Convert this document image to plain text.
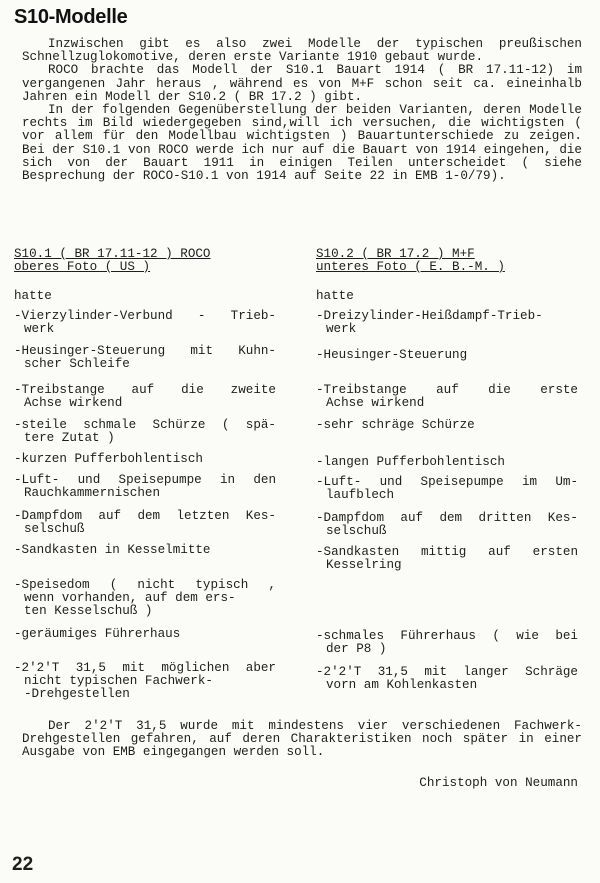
S10-Modelle

Inzwischen gibt es also zwei Modelle der typischen preußischen Schnellzuglokomotive, deren erste Variante 1910 gebaut wurde.

ROCO brachte das Modell der S10.1 Bauart 1914 ( BR 17.11-12) im vergangenen Jahr heraus , während es von M+F schon seit ca. eineinhalb Jahren ein Modell der S10.2 ( BR 17.2 ) gibt.

In der folgenden Gegenüberstellung der beiden Varianten, deren Modelle rechts im Bild wiedergegeben sind,will ich versuchen, die wichtigsten ( vor allem für den Modellbau wichtigsten ) Bauartunterschiede zu zeigen. Bei der S10.1 von ROCO werde ich nur auf die Bauart von 1914 eingehen, die sich von der Bauart 1911 in einigen Teilen unterscheidet ( siehe Besprechung der ROCO-S10.1 von 1914 auf Seite 22 in EMB 1-0/79).

S10.1 ( BR 17.11-12 ) ROCO
oberes Foto ( US )
hatte
-Vierzylinder-Verbund - Trieb-
werk
-Heusinger-Steuerung mit Kuhn-
scher Schleife
-Treibstange auf die zweite
Achse wirkend
-steile schmale Schürze ( spä-
tere Zutat )
-kurzen Pufferbohlentisch
-Luft- und Speisepumpe in den
Rauchkammernischen
-Dampfdom auf dem letzten Kes-
selschuß
-Sandkasten in Kesselmitte
-Speisedom ( nicht typisch ,
wenn vorhanden, auf dem ers-
ten Kesselschuß )
-geräumiges Führerhaus
-2'2'T 31,5 mit möglichen aber
nicht typischen Fachwerk-
-Drehgestellen
S10.2 ( BR 17.2 ) M+F
unteres Foto ( E. B.-M. )
hatte
-Dreizylinder-Heißdampf-Trieb-
werk
-Heusinger-Steuerung
-Treibstange auf die erste
Achse wirkend
-sehr schräge Schürze
-langen Pufferbohlentisch
-Luft- und Speisepumpe im Um-
laufblech
-Dampfdom auf dem dritten Kes-
selschuß
-Sandkasten mittig auf ersten
Kesselring
-schmales Führerhaus ( wie bei
der P8 )
-2'2'T 31,5 mit langer Schräge
vorn am Kohlenkasten

Der 2'2'T 31,5 wurde mit mindestens vier verschiedenen Fachwerk-Drehgestellen gefahren, auf deren Charakteristiken noch später in einer Ausgabe von EMB eingegangen werden soll.

Christoph von Neumann
22
